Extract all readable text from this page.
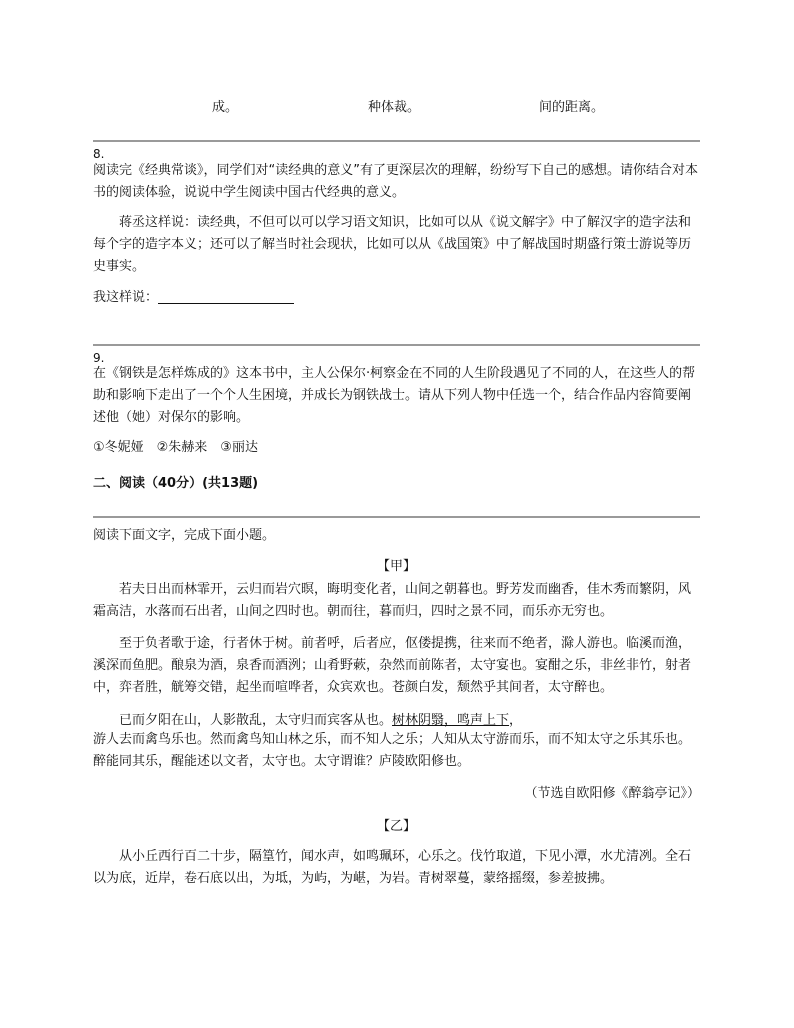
成。	种体裁。	间的距离。
8.

阅读完《经典常谈》，同学们对“读经典的意义”有了更深层次的理解，纷纷写下自己的感想。请你结合对本书的阅读体验，说说中学生阅读中国古代经典的意义。

蒋丞这样说：读经典，不但可以可以学习语文知识，比如可以从《说文解字》中了解汉字的造字法和每个字的造字本义；还可以了解当时社会现状，比如可以从《战国策》中了解战国时期盛行策士游说等历史事实。

我这样说：
9.

在《钢铁是怎样炼成的》这本书中，主人公保尔·柯察金在不同的人生阶段遇见了不同的人，在这些人的帮助和影响下走出了一个个人生困境，并成长为钢铁战士。请从下列人物中任选一个，结合作品内容简要阐述他（她）对保尔的影响。

①冬妮娅　②朱赫来　③丽达
二、阅读（40分）(共13题)
阅读下面文字，完成下面小题。
【甲】

若夫日出而林霏开，云归而岩穴暝，晦明变化者，山间之朝暮也。野芳发而幽香，佳木秀而繁阴，风霜高洁，水落而石出者，山间之四时也。朝而往，暮而归，四时之景不同，而乐亦无穷也。

至于负者歌于途，行者休于树。前者呼，后者应，伛偻提携，往来而不绝者，滁人游也。临溪而渔，溪深而鱼肥。酿泉为酒，泉香而酒洌；山肴野蔌，杂然而前陈者，太守宴也。宴酣之乐，非丝非竹，射者中，弈者胜，觥筹交错，起坐而喧哗者，众宾欢也。苍颜白发，颓然乎其间者，太守醉也。

已而夕阳在山，人影散乱，太守归而宾客从也。树林阴翳，鸣声上下，

游人去而禽鸟乐也。然而禽鸟知山林之乐，而不知人之乐；人知从太守游而乐，而不知太守之乐其乐也。醉能同其乐，醒能述以文者，太守也。太守谓谁？庐陵欧阳修也。

（节选自欧阳修《醉翁亭记》）
【乙】

从小丘西行百二十步，隔篁竹，闻水声，如鸣珮环，心乐之。伐竹取道，下见小潭，水尤清冽。全石以为底，近岸，卷石底以出，为坻，为屿，为嵁，为岩。青树翠蔓，蒙络摇缀，参差披拂。
